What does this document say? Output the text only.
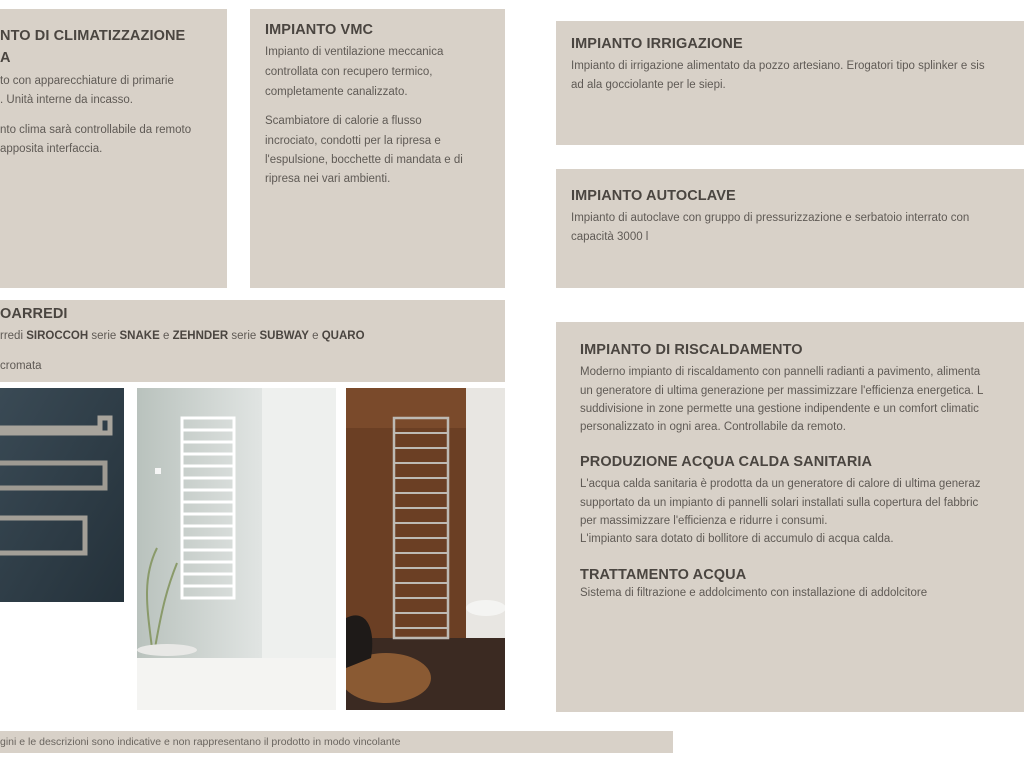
NTO DI CLIMATIZZAZIONE
A
to con apparecchiature di primarie
. Unità interne da incasso.
nto clima sarà controllabile da remoto
apposita interfaccia.
IMPIANTO VMC
Impianto di ventilazione meccanica
controllata con recupero termico,
completamente canalizzato.
Scambiatore di calorie a flusso
incrociato, condotti per la ripresa e
l'espulsione, bocchette di mandata e di
ripresa nei vari ambienti.
IMPIANTO IRRIGAZIONE
Impianto di irrigazione alimentato da pozzo artesiano. Erogatori tipo splinker e sis
ad ala gocciolante per le siepi.
IMPIANTO AUTOCLAVE
Impianto di autoclave con gruppo di pressurizzazione e serbatoio interrato con
capacità 3000 l
OARREDI
rredi SIROCCOH serie SNAKE e ZEHNDER serie SUBWAY e QUARO
cromata
IMPIANTO DI RISCALDAMENTO
Moderno impianto di riscaldamento con pannelli radianti a pavimento, alimenta
un generatore di ultima generazione per massimizzare l'efficienza energetica. L
suddivisione in zone permette una gestione indipendente e un comfort climatic
personalizzato in ogni area. Controllabile da remoto.
PRODUZIONE ACQUA CALDA SANITARIA
L'acqua calda sanitaria è prodotta da un generatore di calore di ultima generaz
supportato da un impianto di pannelli solari installati sulla copertura del fabbric
per massimizzare l'efficienza e ridurre i consumi.
L'impianto sara dotato di bollitore di accumulo di acqua calda.
TRATTAMENTO ACQUA
Sistema di filtrazione e addolcimento con installazione di addolcitore
gini e le descrizioni sono indicative e non rappresentano il prodotto in modo vincolante
